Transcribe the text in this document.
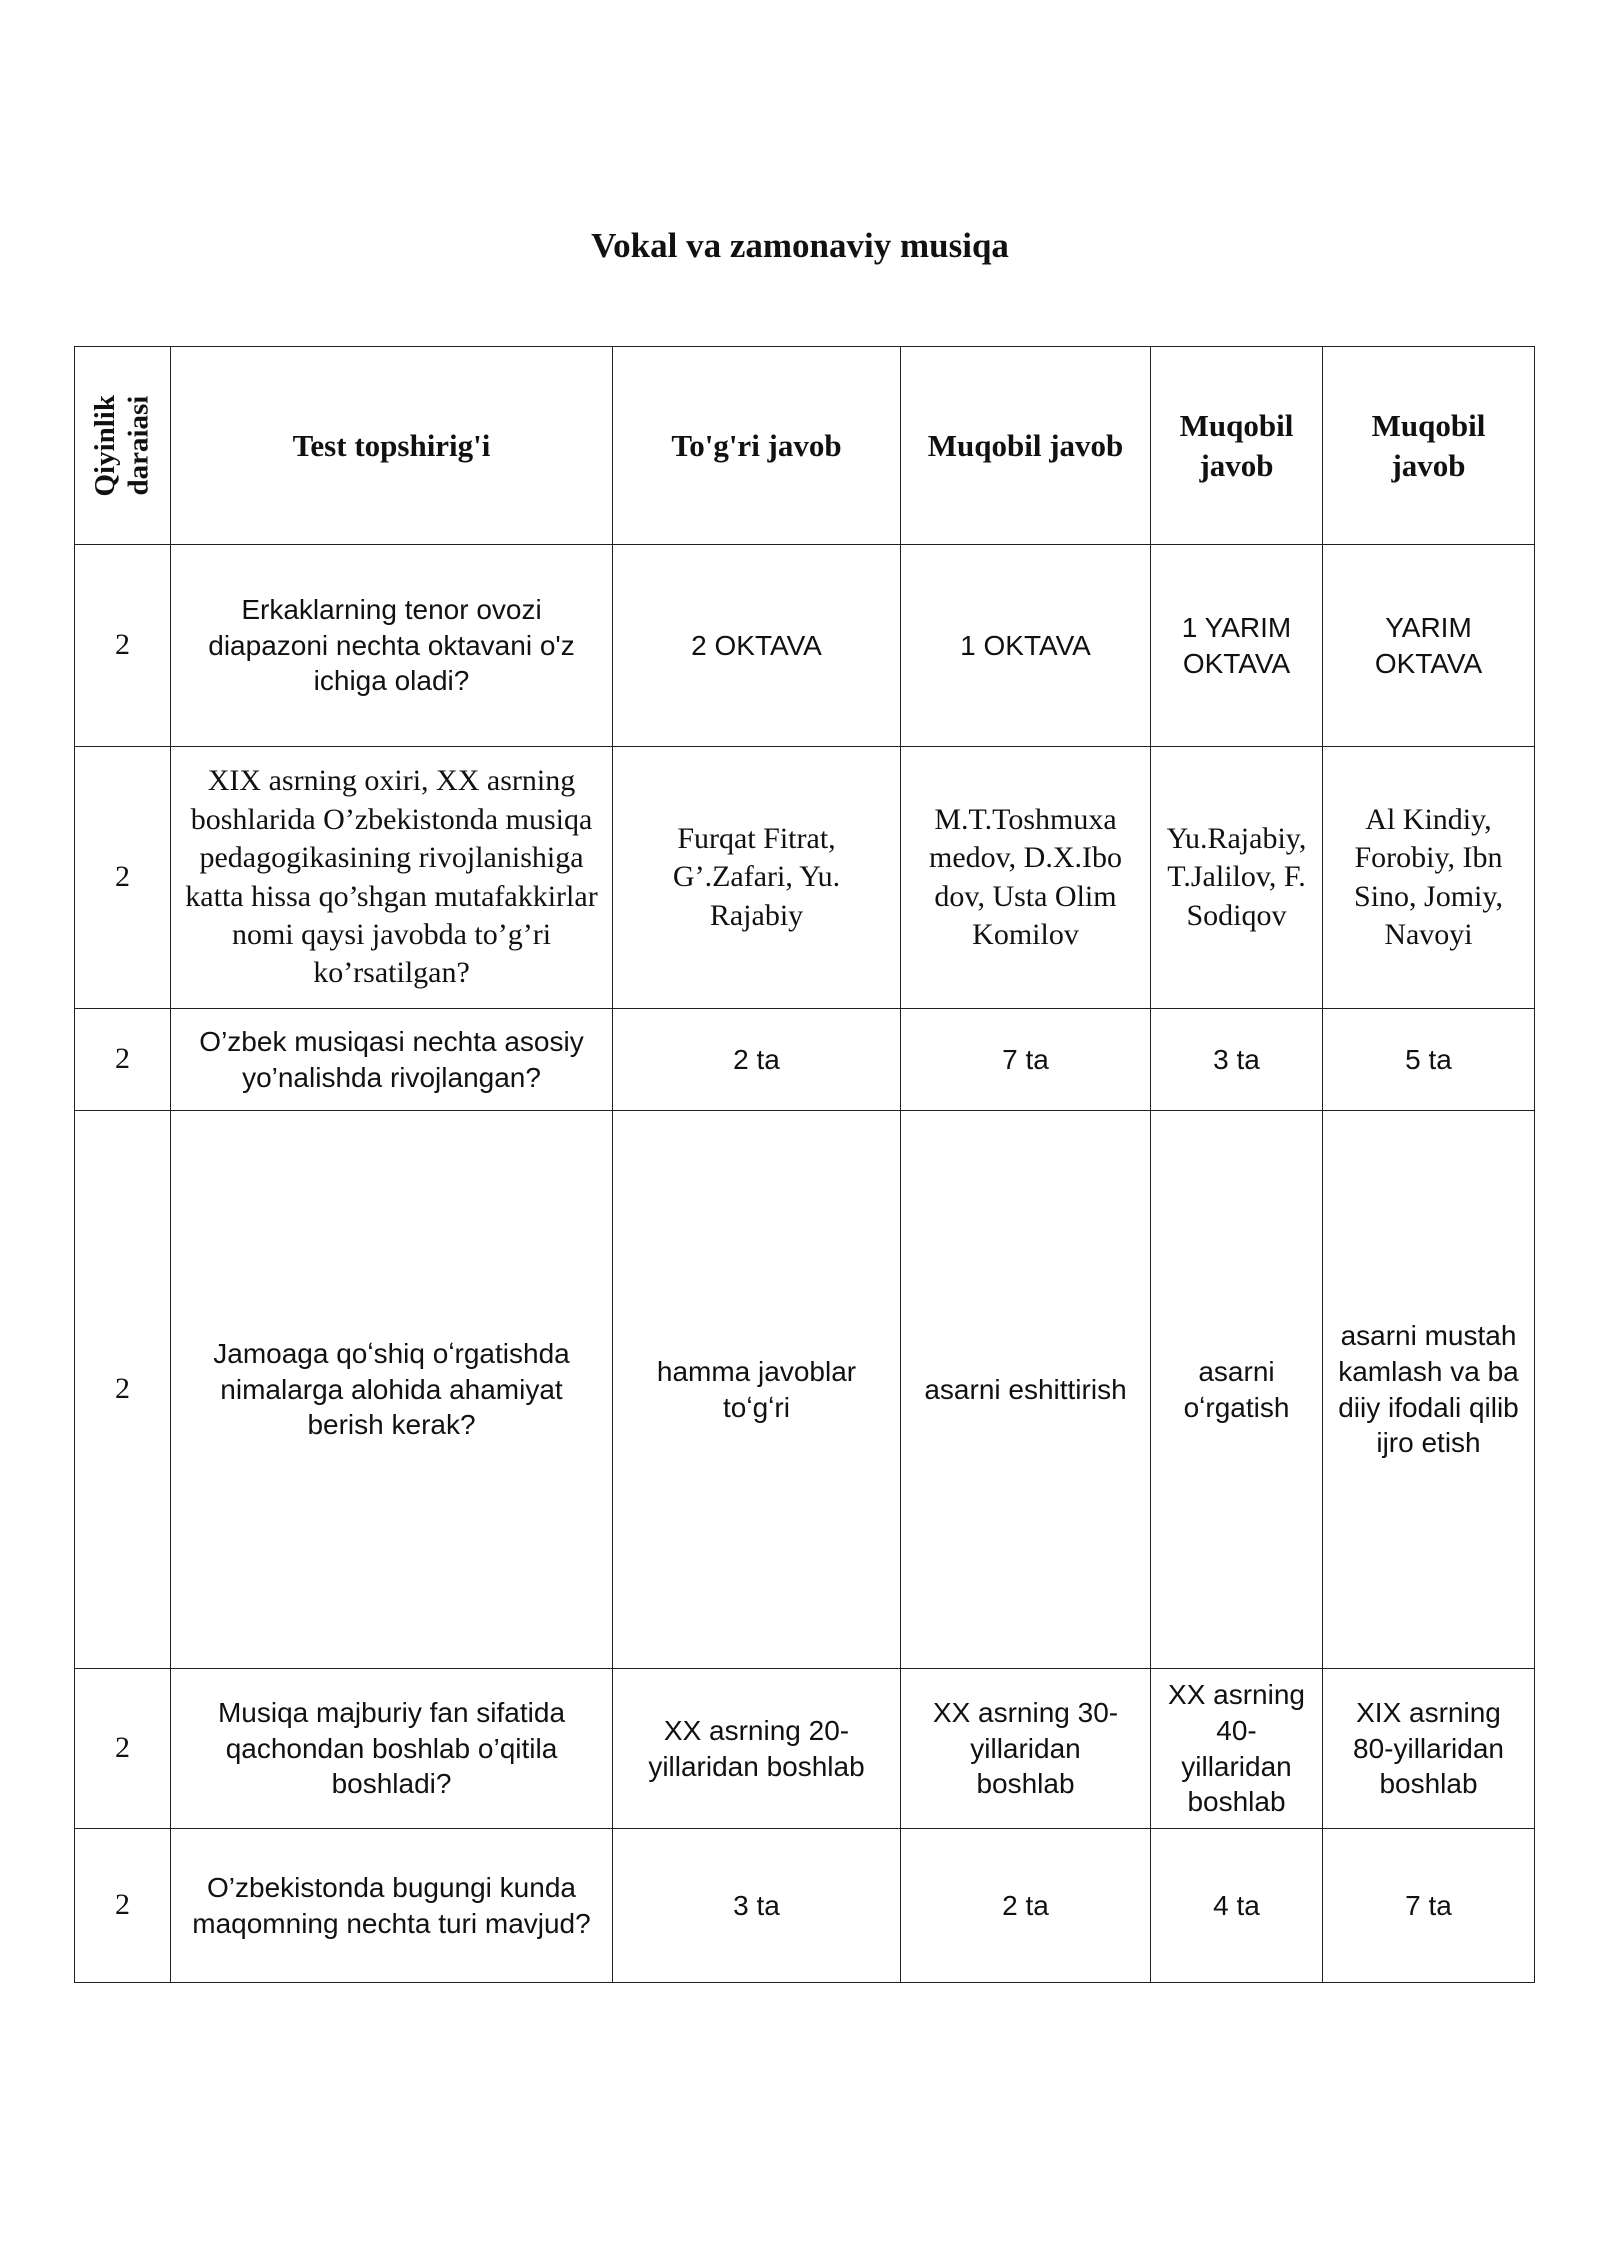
Vokal va zamonaviy musiqa
Qiyinlik daraiasi	Test topshirig'i	To'g'ri javob	Muqobil javob	Muqobil javob	Muqobil javob
2	Erkaklarning tenor ovozi diapazoni nechta oktavani o'z ichiga oladi?	2 OKTAVA	1 OKTAVA	1 YARIM OKTAVA	YARIM OKTAVA
2	XIX asrning oxiri, XX asrning boshlarida O’zbekistonda musiqa pedagogikasining rivojlanishiga katta hissa qo’shgan mutafakkirlar nomi qaysi javobda to’g’ri ko’rsatilgan?	Furqat Fitrat, G’.Zafari, Yu. Rajabiy	M.T.Toshmuxamedov, D.X.Ibodov, Usta Olim Komilov	Yu.Rajabiy, T.Jalilov, F.Sodiqov	Al Kindiy, Forobiy, Ibn Sino, Jomiy, Navoyi
2	O’zbek musiqasi nechta asosiy yo’nalishda rivojlangan?	2 ta	7 ta	3 ta	5 ta
2	Jamoaga qoʻshiq oʻrgatishda nimalarga alohida ahamiyat berish kerak?	hamma javoblar toʻgʻri	asarni eshittirish	asarni oʻrgatish	asarni mustahkamlash va badiiy ifodali qilib ijro etish
2	Musiqa majburiy fan sifatida qachondan boshlab o’qitila boshladi?	XX asrning 20-yillaridan boshlab	XX asrning 30-yillaridan boshlab	XX asrning 40-yillaridan boshlab	XIX asrning 80-yillaridan boshlab
2	O’zbekistonda bugungi kunda maqomning nechta turi mavjud?	3 ta	2 ta	4 ta	7 ta
